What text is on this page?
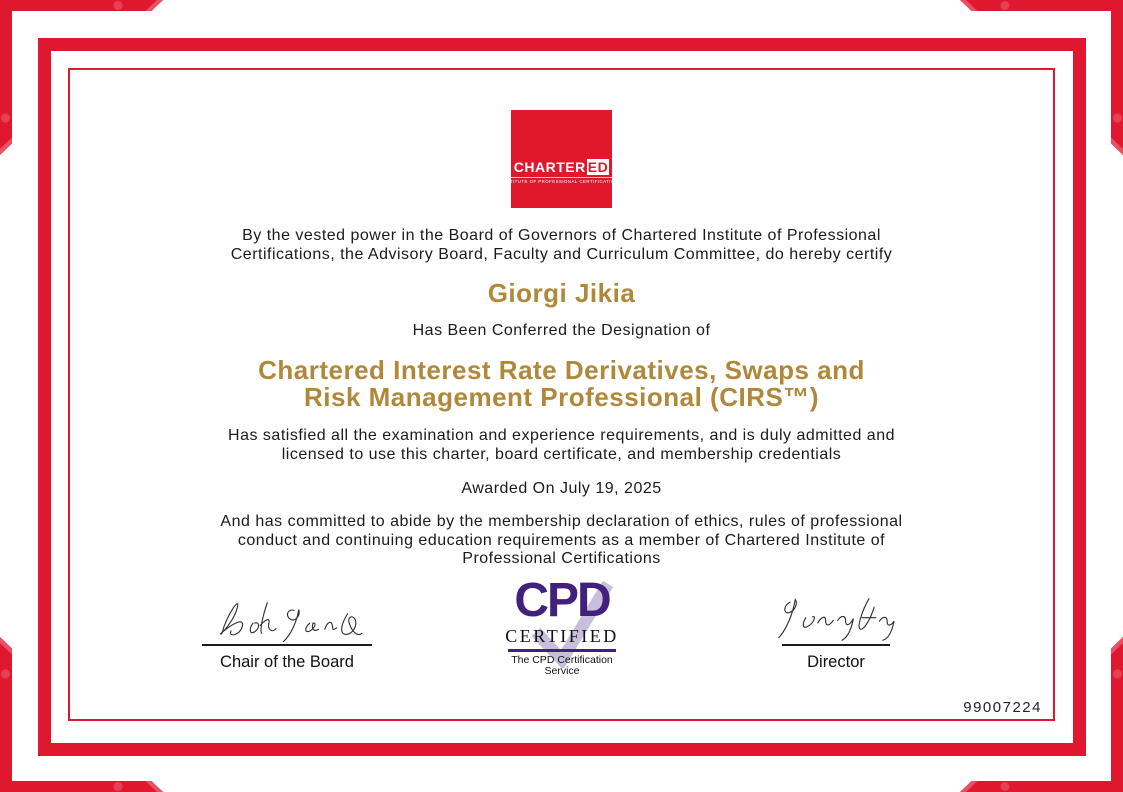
CHARTER ED
INSTITUTE OF PROFESSIONAL CERTIFICATIONS
By the vested power in the Board of Governors of Chartered Institute of Professional
Certifications, the Advisory Board, Faculty and Curriculum Committee, do hereby certify
Giorgi Jikia
Has Been Conferred the Designation of
Chartered Interest Rate Derivatives, Swaps and
Risk Management Professional (CIRS™)
Has satisfied all the examination and experience requirements, and is duly admitted and
licensed to use this charter, board certificate, and membership credentials
Awarded On July 19, 2025
And has committed to abide by the membership declaration of ethics, rules of professional
conduct and continuing education requirements as a member of Chartered Institute of
Professional Certifications
Chair of the Board	Director
CPD
CERTIFIED
The CPD Certification
Service
99007224
